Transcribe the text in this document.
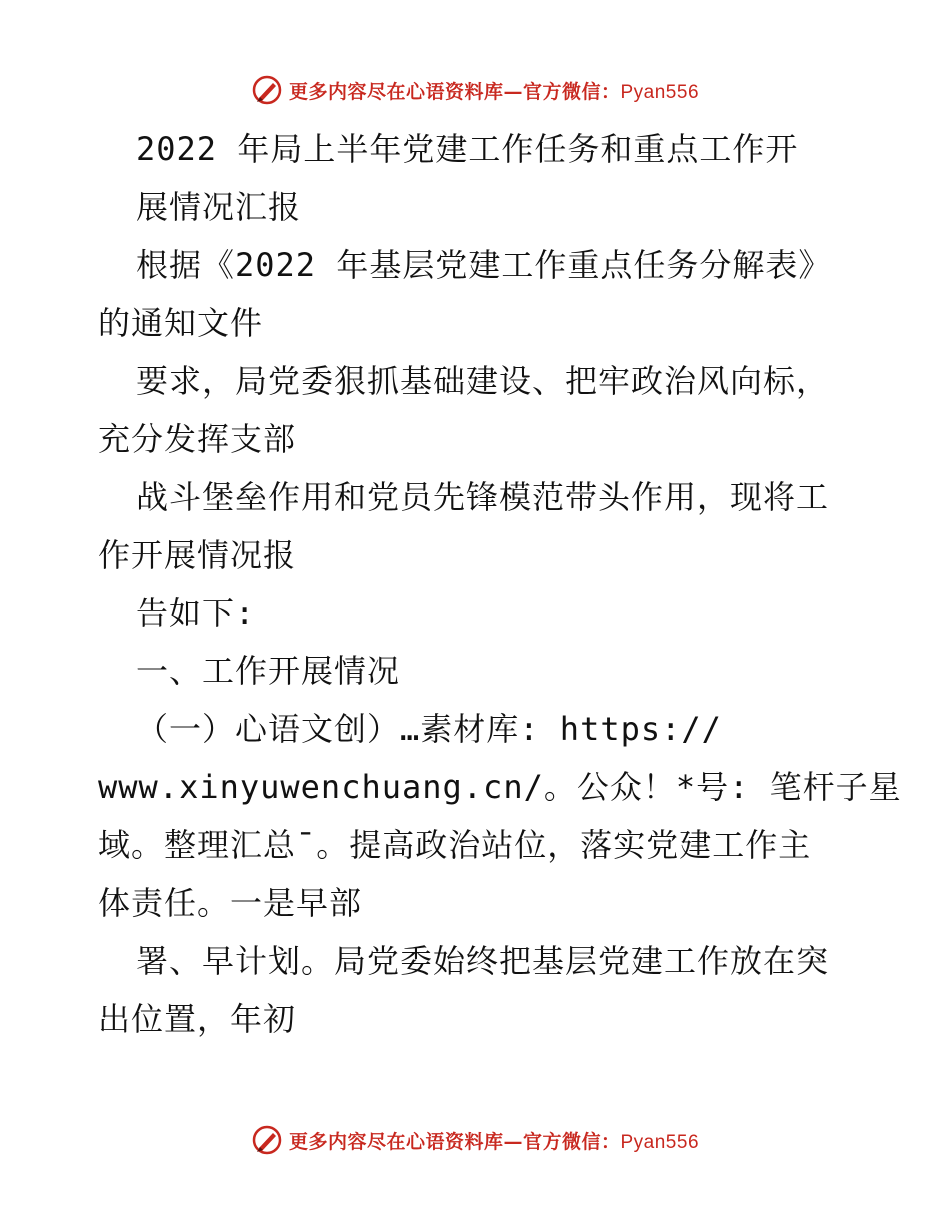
更多内容尽在心语资料库—官方微信：Pyan556
2022 年局上半年党建工作任务和重点工作开
展情况汇报
根据《2022 年基层党建工作重点任务分解表》
的通知文件
要求，局党委狠抓基础建设、把牢政治风向标，
充分发挥支部
战斗堡垒作用和党员先锋模范带头作用，现将工
作开展情况报
告如下:
一、工作开展情况
（一）心语文创）…素材库: https://
www.xinyuwenchuang.cn/。公众！*号: 笔杆子星
域。整理汇总¯。提高政治站位，落实党建工作主
体责任。一是早部
署、早计划。局党委始终把基层党建工作放在突
出位置，年初
更多内容尽在心语资料库—官方微信：Pyan556
